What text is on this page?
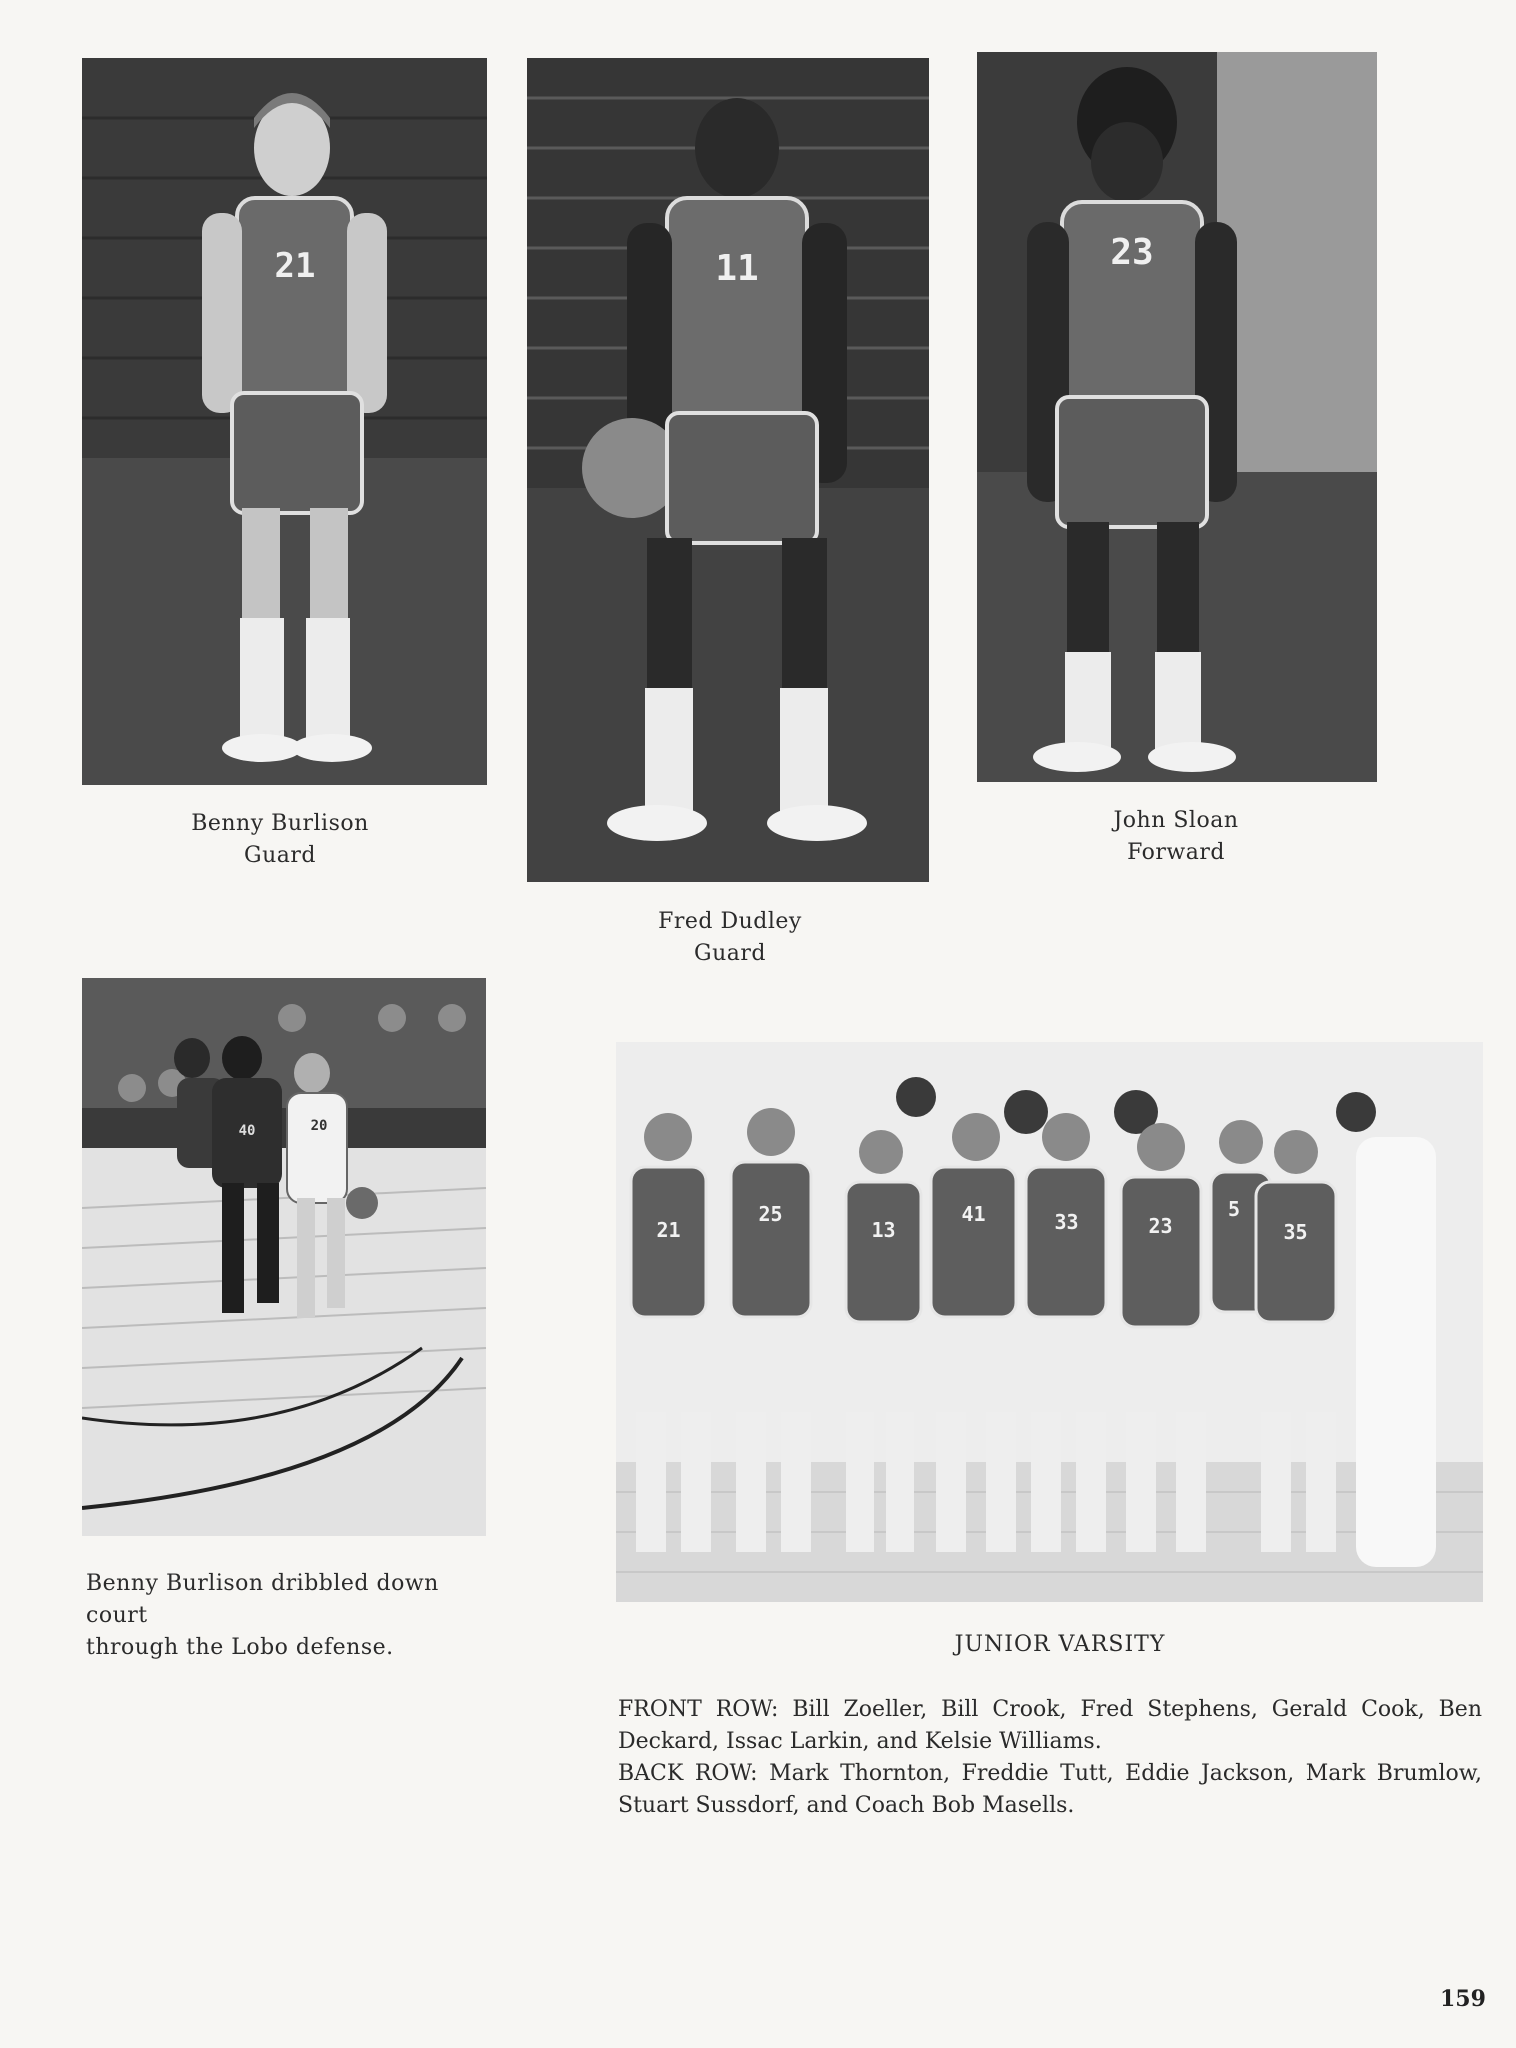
21
Benny Burlison
Guard
11
Fred Dudley
Guard
23
John Sloan
Forward
20
40
Benny Burlison dribbled down court
through the Lobo defense.
21
25
13
41	33	23
5
35
JUNIOR VARSITY

FRONT ROW: Bill Zoeller, Bill Crook, Fred Stephens, Gerald Cook, Ben Deckard, Issac Larkin, and Kelsie Williams.

BACK ROW: Mark Thornton, Freddie Tutt, Eddie Jackson, Mark Brumlow, Stuart Sussdorf, and Coach Bob Masells.

159
